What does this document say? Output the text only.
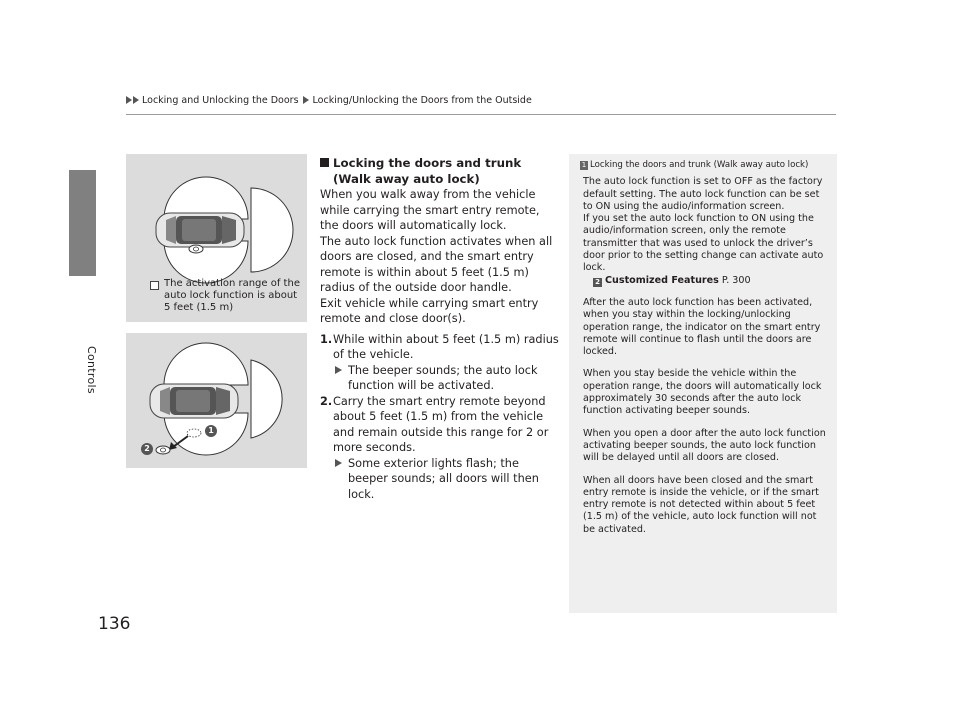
Locking and Unlocking the Doors Locking/Unlocking the Doors from the Outside
Controls
136
The activation range of the auto lock function is about 5 feet (1.5 m)
1
2
Locking the doors and trunk (Walk away auto lock)

When you walk away from the vehicle while carrying the smart entry remote, the doors will automatically lock.

The auto lock function activates when all doors are closed, and the smart entry remote is within about 5 feet (1.5 m) radius of the outside door handle.

Exit vehicle while carrying smart entry remote and close door(s).

1. While within about 5 feet (1.5 m) radius of the vehicle.
The beeper sounds; the auto lock function will be activated.
2. Carry the smart entry remote beyond about 5 feet (1.5 m) from the vehicle and remain outside this range for 2 or more seconds.
Some exterior lights flash; the beeper sounds; all doors will then lock.
1 Locking the doors and trunk (Walk away auto lock)

The auto lock function is set to OFF as the factory default setting. The auto lock function can be set to ON using the audio/information screen.

If you set the auto lock function to ON using the audio/information screen, only the remote transmitter that was used to unlock the driver’s door prior to the setting change can activate auto lock.

2 Customized Features P. 300

After the auto lock function has been activated, when you stay within the locking/unlocking operation range, the indicator on the smart entry remote will continue to flash until the doors are locked.

When you stay beside the vehicle within the operation range, the doors will automatically lock approximately 30 seconds after the auto lock function activating beeper sounds.

When you open a door after the auto lock function activating beeper sounds, the auto lock function will be delayed until all doors are closed.

When all doors have been closed and the smart entry remote is inside the vehicle, or if the smart entry remote is not detected within about 5 feet (1.5 m) of the vehicle, auto lock function will not be activated.
